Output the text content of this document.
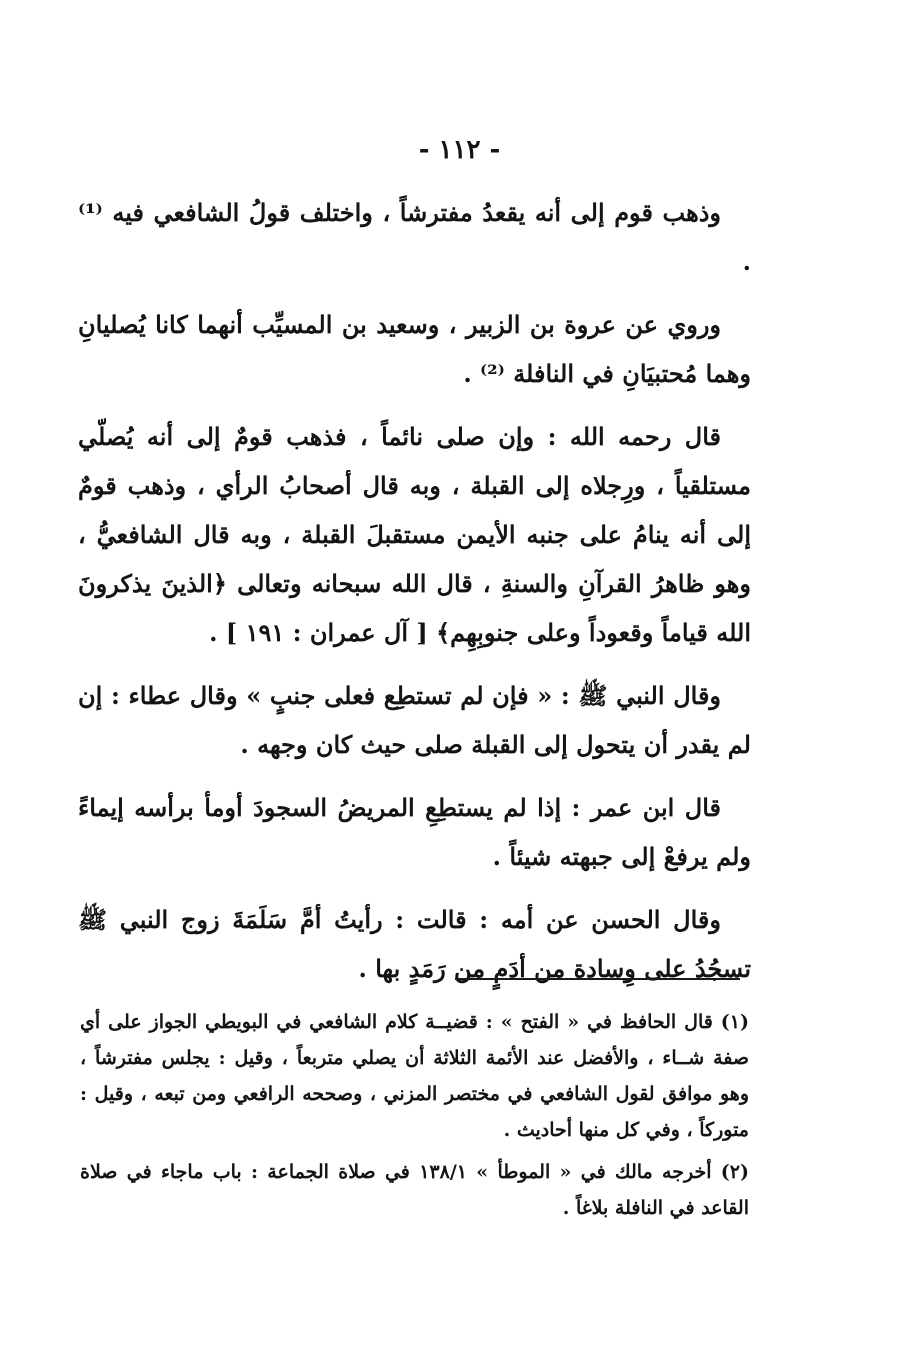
- ١١٢ -

وذهب قوم إلى أنه يقعدُ مفترشاً ، واختلف قولُ الشافعي فيه ⁽¹⁾ .

وروي عن عروة بن الزبير ، وسعيد بن المسيِّب أنهما كانا يُصليانِ وهما مُحتبيَانِ في النافلة ⁽²⁾ .

قال رحمه الله : وإن صلى نائماً ، فذهب قومٌ إلى أنه يُصلّي مستلقياً ، ورِجلاه إلى القبلة ، وبه قال أصحابُ الرأي ، وذهب قومٌ إلى أنه ينامُ على جنبه الأيمن مستقبلَ القبلة ، وبه قال الشافعيُّ ، وهو ظاهرُ القرآنِ والسنةِ ، قال الله سبحانه وتعالى ﴿الذينَ يذكرونَ الله قياماً وقعوداً وعلى جنوبِهِم﴾ [ آل عمران : ١٩١ ] .

وقال النبي ﷺ : « فإن لم تستطِع فعلى جنبٍ » وقال عطاء : إن لم يقدر أن يتحول إلى القبلة صلى حيث كان وجهه .

قال ابن عمر : إذا لم يستطِعِ المريضُ السجودَ أومأ برأسه إيماءً ولم يرفعْ إلى جبهته شيئاً .

وقال الحسن عن أمه : قالت : رأيتُ أمَّ سَلَمَةَ زوج النبي ﷺ تسجُدُ على وِسادة من أدَمٍ من رَمَدٍ بها .

(١) قال الحافظ في « الفتح » : قضيــة كلام الشافعي في البويطي الجواز على أي صفة شــاء ، والأفضل عند الأئمة الثلاثة أن يصلي متربعاً ، وقيل : يجلس مفترشاً ، وهو موافق لقول الشافعي في مختصر المزني ، وصححه الرافعي ومن تبعه ، وقيل : متوركاً ، وفي كل منها أحاديث .

(٢) أخرجه مالك في « الموطأ » ١٣٨/١ في صلاة الجماعة : باب ماجاء في صلاة القاعد في النافلة بلاغاً .
